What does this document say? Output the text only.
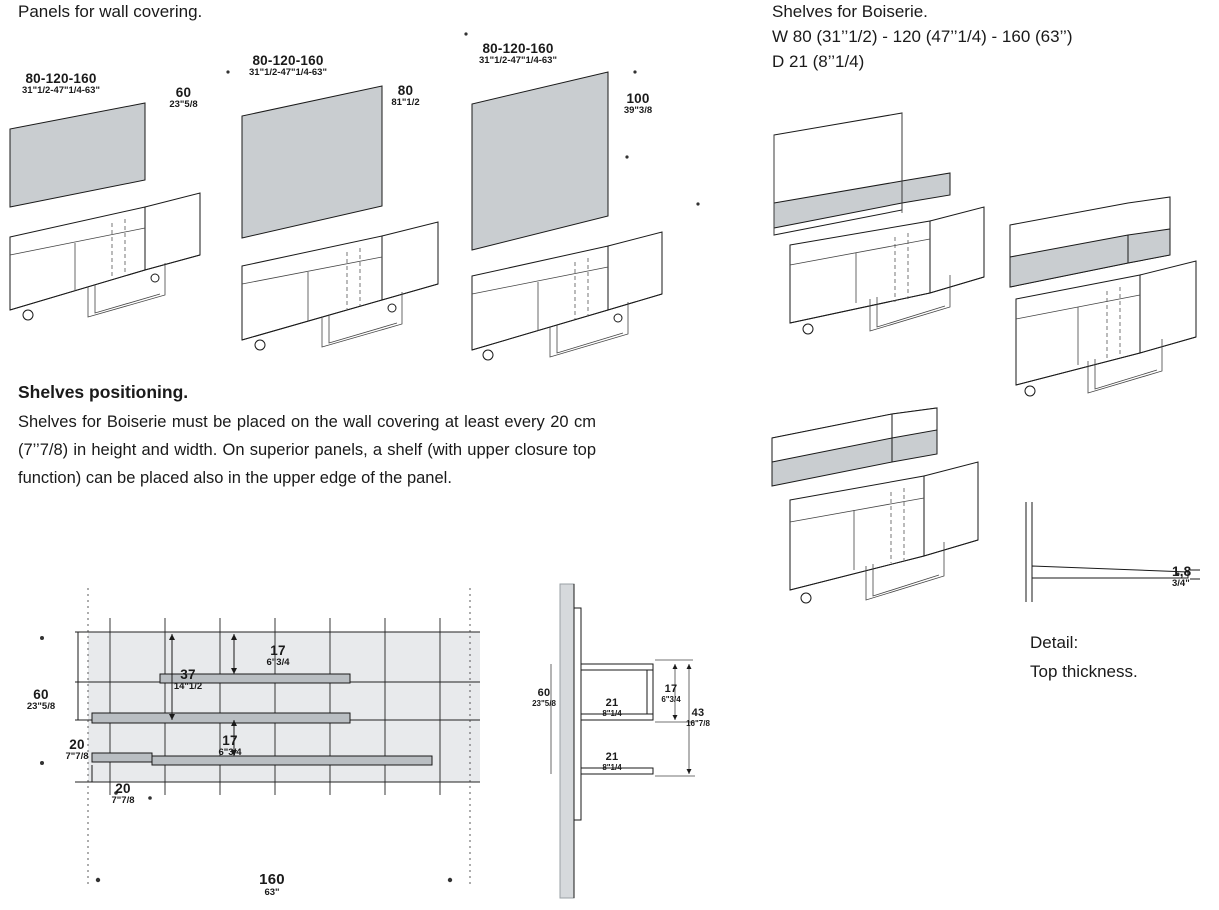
Panels for wall covering.	Shelves for Boiserie.
W 80 (31’’1/2) - 120 (47’’1/4) - 160 (63’’)
D 21 (8’’1/4)
80-120-160
31"1/2-47"1/4-63"	60
23"5/8
80-120-160
31"1/2-47"1/4-63"
80
81"1/2
80-120-160
31"1/2-47"1/4-63"
100
39"3/8
Shelves positioning.
Shelves for Boiserie must be placed on the wall covering at least every 20 cm (7’’7/8) in height and width. On superior panels, a shelf (with upper closure top function) can be placed also in the upper edge of the panel.
1,8
3/4"
Detail:
Top thickness.
37
14"1/2
17
6"3/4
17
6"3/4
60
23"5/8
20
7"7/8
20
7"7/8
160
63"
60
23"5/8	21
8"1/4
21
8"1/4
17
6"3/4
43
16"7/8
